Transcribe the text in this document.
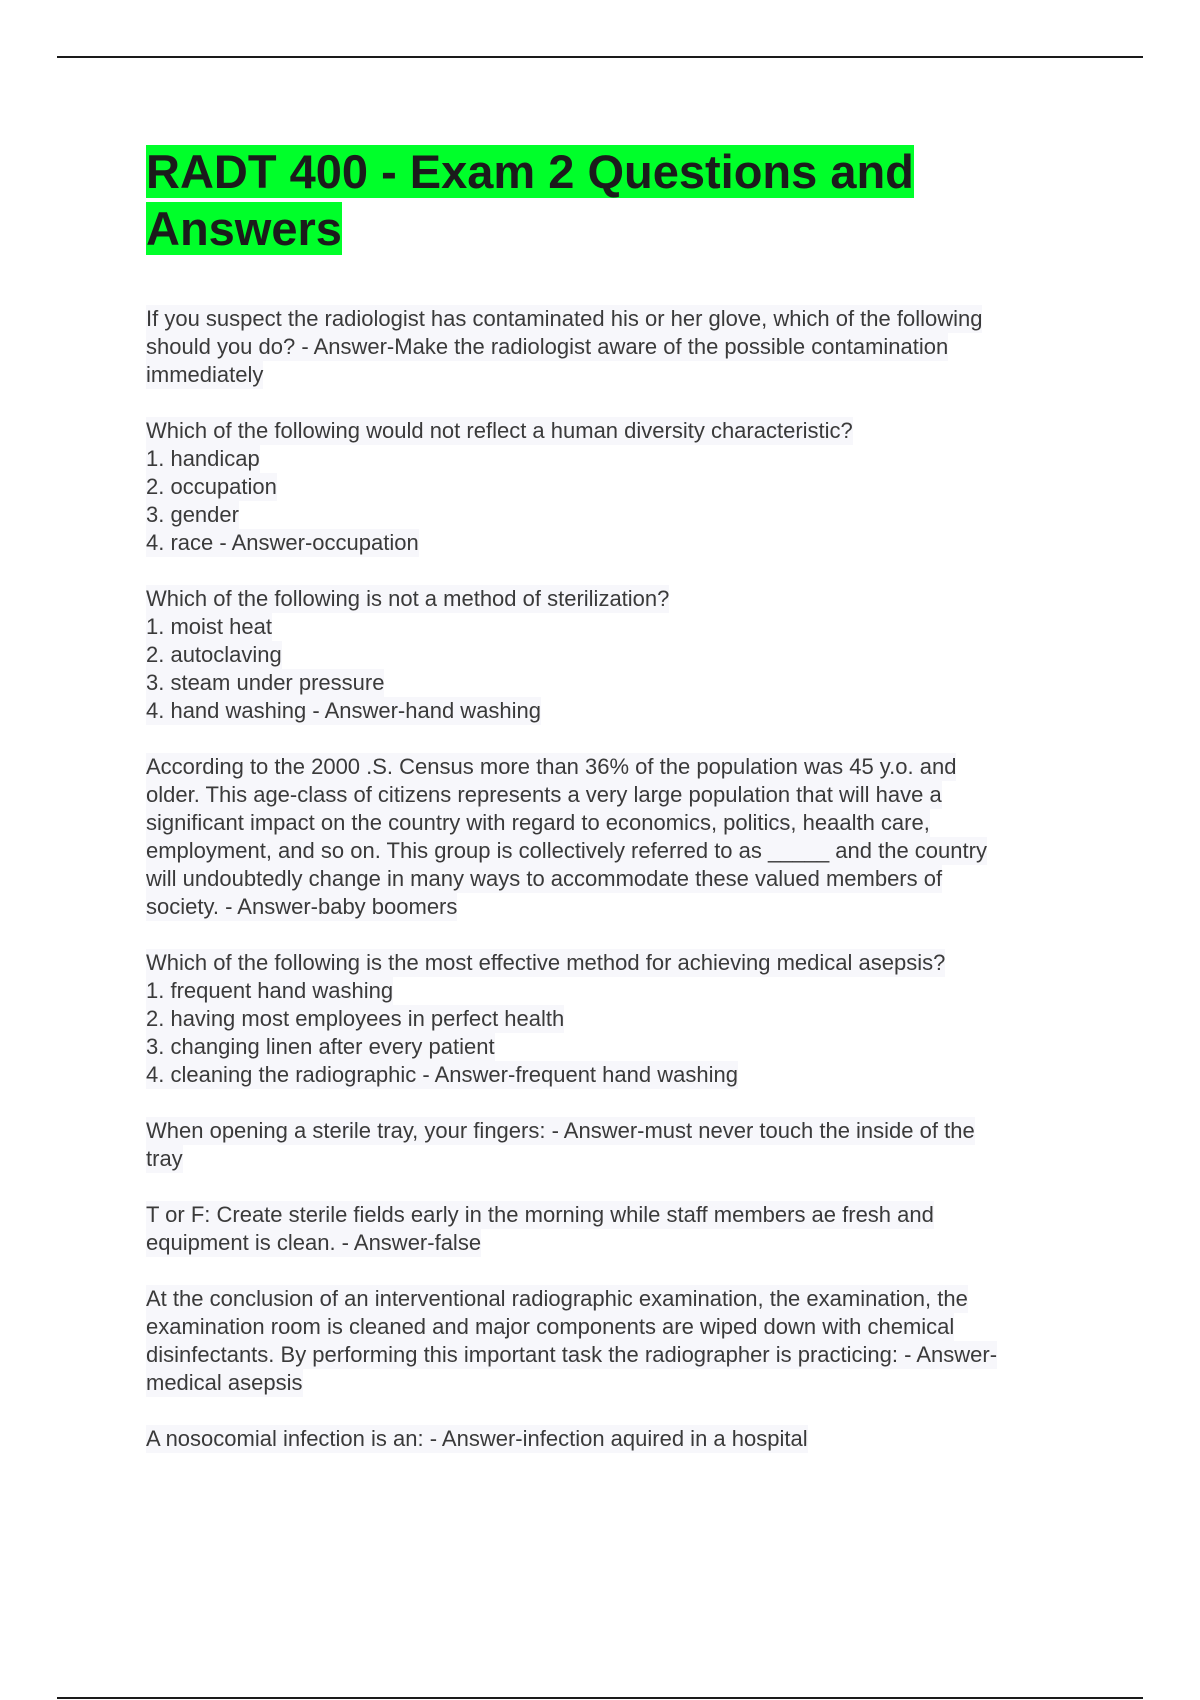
RADT 400 - Exam 2 Questions and Answers
If you suspect the radiologist has contaminated his or her glove, which of the following
should you do? - Answer-Make the radiologist aware of the possible contamination
immediately
Which of the following would not reflect a human diversity characteristic?
1. handicap
2. occupation
3. gender
4. race - Answer-occupation
Which of the following is not a method of sterilization?
1. moist heat
2. autoclaving
3. steam under pressure
4. hand washing - Answer-hand washing
According to the 2000 .S. Census more than 36% of the population was 45 y.o. and
older. This age-class of citizens represents a very large population that will have a
significant impact on the country with regard to economics, politics, heaalth care,
employment, and so on. This group is collectively referred to as _____ and the country
will undoubtedly change in many ways to accommodate these valued members of
society. - Answer-baby boomers
Which of the following is the most effective method for achieving medical asepsis?
1. frequent hand washing
2. having most employees in perfect health
3. changing linen after every patient
4. cleaning the radiographic - Answer-frequent hand washing
When opening a sterile tray, your fingers: - Answer-must never touch the inside of the
tray
T or F: Create sterile fields early in the morning while staff members ae fresh and
equipment is clean. - Answer-false
At the conclusion of an interventional radiographic examination, the examination, the
examination room is cleaned and major components are wiped down with chemical
disinfectants. By performing this important task the radiographer is practicing: - Answer-
medical asepsis
A nosocomial infection is an: - Answer-infection aquired in a hospital
